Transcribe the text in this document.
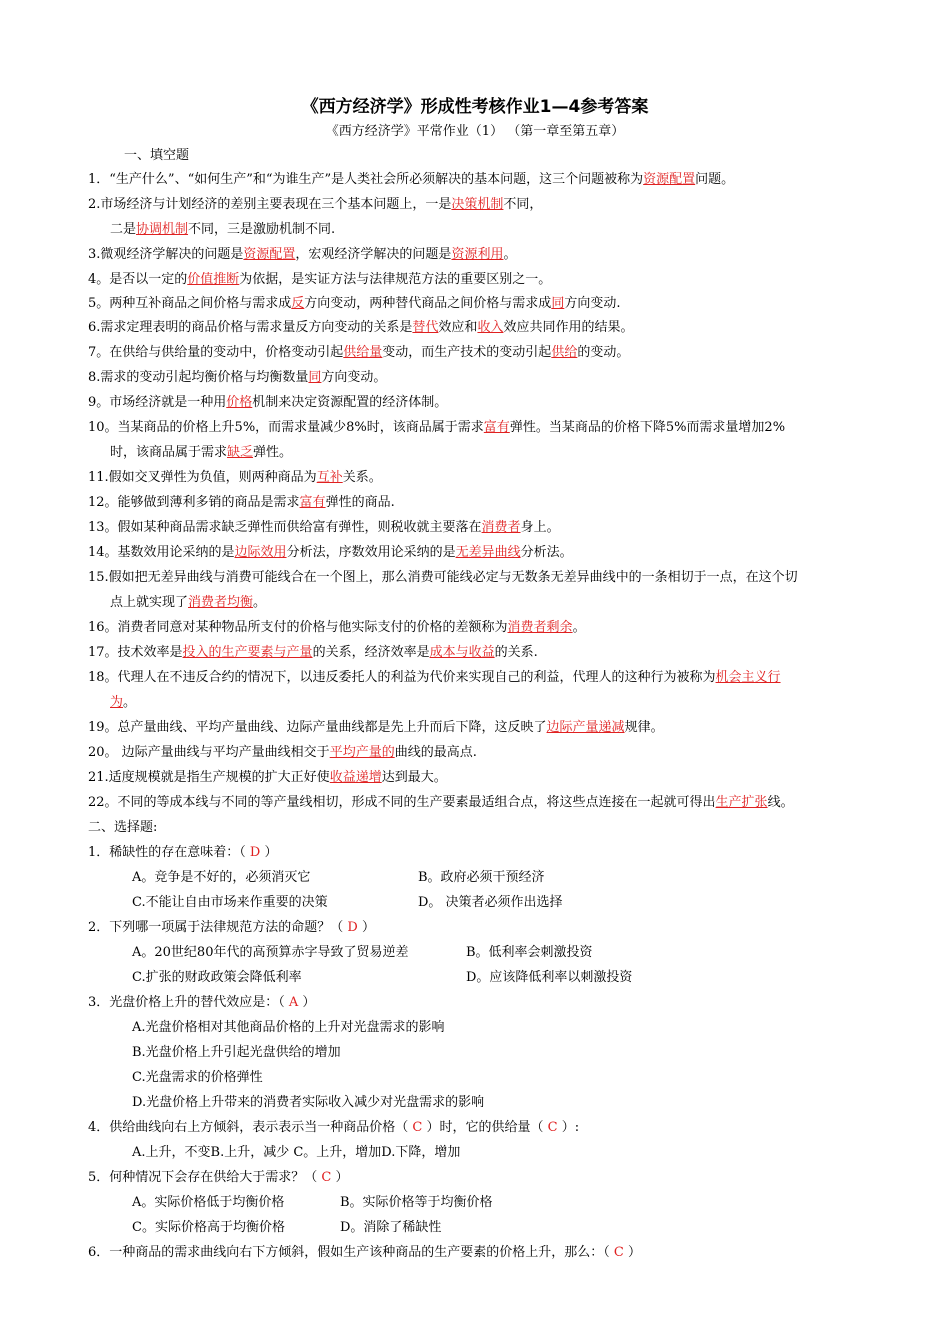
《西方经济学》形成性考核作业1—4参考答案
《西方经济学》平常作业（1） （第一章至第五章）
一、填空题
1．“生产什么”、“如何生产”和“为谁生产”是人类社会所必须解决的基本问题，这三个问题被称为资源配置问题。
2.市场经济与计划经济的差别主要表现在三个基本问题上，一是决策机制不同，
二是协调机制不同，三是激励机制不同.
3.微观经济学解决的问题是资源配置，宏观经济学解决的问题是资源利用。
4。是否以一定的价值推断为依据，是实证方法与法律规范方法的重要区别之一。
5。两种互补商品之间价格与需求成反方向变动，两种替代商品之间价格与需求成同方向变动.
6.需求定理表明的商品价格与需求量反方向变动的关系是替代效应和收入效应共同作用的结果。
7。在供给与供给量的变动中，价格变动引起供给量变动，而生产技术的变动引起供给的变动。
8.需求的变动引起均衡价格与均衡数量同方向变动。
9。市场经济就是一种用价格机制来决定资源配置的经济体制。
10。当某商品的价格上升5%，而需求量减少8%时，该商品属于需求富有弹性。当某商品的价格下降5%而需求量增加2%
时，该商品属于需求缺乏弹性。
11.假如交叉弹性为负值，则两种商品为互补关系。
12。能够做到薄利多销的商品是需求富有弹性的商品.
13。假如某种商品需求缺乏弹性而供给富有弹性，则税收就主要落在消费者身上。
14。基数效用论采纳的是边际效用分析法，序数效用论采纳的是无差异曲线分析法。
15.假如把无差异曲线与消费可能线合在一个图上，那么消费可能线必定与无数条无差异曲线中的一条相切于一点，在这个切
点上就实现了消费者均衡。
16。消费者同意对某种物品所支付的价格与他实际支付的价格的差额称为消费者剩余。
17。技术效率是投入的生产要素与产量的关系，经济效率是成本与收益的关系.
18。代理人在不违反合约的情况下，以违反委托人的利益为代价来实现自己的利益，代理人的这种行为被称为机会主义行
为。
19。总产量曲线、平均产量曲线、边际产量曲线都是先上升而后下降，这反映了边际产量递减规律。
20。 边际产量曲线与平均产量曲线相交于平均产量的曲线的最高点.
21.适度规模就是指生产规模的扩大正好使收益递增达到最大。
22。不同的等成本线与不同的等产量线相切，形成不同的生产要素最适组合点，将这些点连接在一起就可得出生产扩张线。
二、选择题:
1．稀缺性的存在意味着：（ D ）
A。竞争是不好的，必须消灭它	B。政府必须干预经济
C.不能让自由市场来作重要的决策	D。 决策者必须作出选择
2．下列哪一项属于法律规范方法的命题？（ D ）
A。20世纪80年代的高预算赤字导致了贸易逆差	B。低利率会刺激投资
C.扩张的财政政策会降低利率	D。应该降低利率以刺激投资
3．光盘价格上升的替代效应是：（ A ）
A.光盘价格相对其他商品价格的上升对光盘需求的影响
B.光盘价格上升引起光盘供给的增加
C.光盘需求的价格弹性
D.光盘价格上升带来的消费者实际收入减少对光盘需求的影响
4．供给曲线向右上方倾斜，表示表示当一种商品价格（ C ）时，它的供给量（ C ）:
A.上升，不变B.上升，减少 C。上升，增加D.下降，增加
5．何种情况下会存在供给大于需求？（ C ）
A。实际价格低于均衡价格	B。实际价格等于均衡价格
C。实际价格高于均衡价格	D。消除了稀缺性
6．一种商品的需求曲线向右下方倾斜，假如生产该种商品的生产要素的价格上升，那么：（ C ）
